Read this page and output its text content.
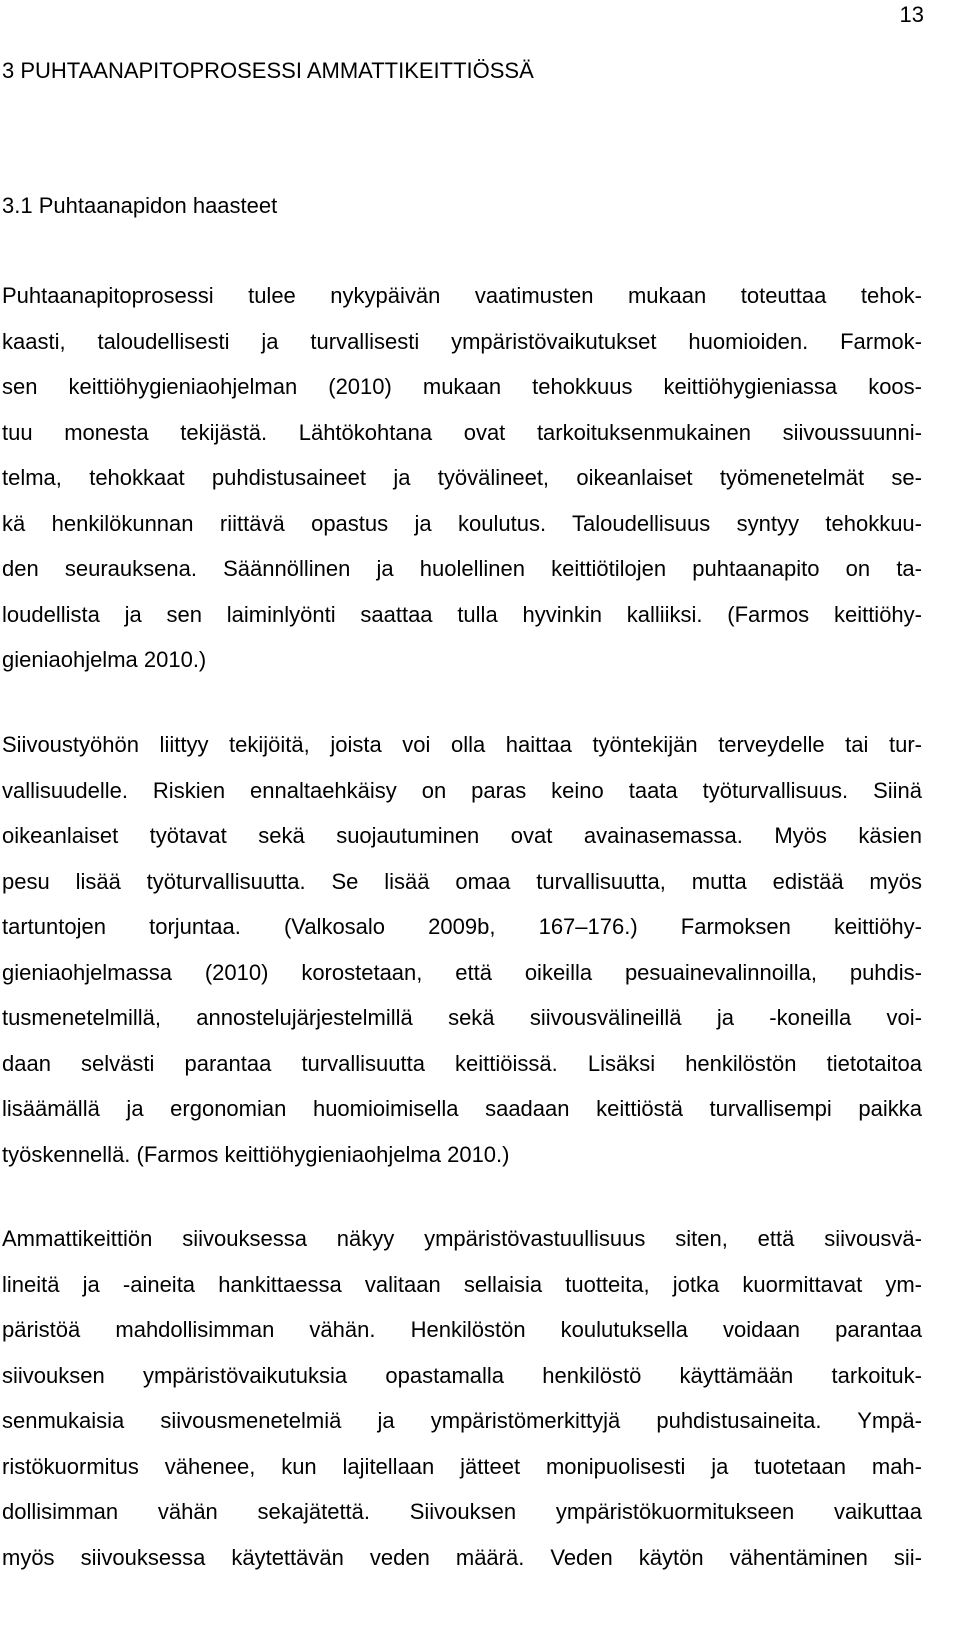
13
3 PUHTAANAPITOPROSESSI AMMATTIKEITTIÖSSÄ
3.1 Puhtaanapidon haasteet
Puhtaanapitoprosessi tulee nykypäivän vaatimusten mukaan toteuttaa tehok-
kaasti, taloudellisesti ja turvallisesti ympäristövaikutukset huomioiden. Farmok-
sen keittiöhygieniaohjelman (2010) mukaan tehokkuus keittiöhygieniassa koos-
tuu monesta tekijästä. Lähtökohtana ovat tarkoituksenmukainen siivoussuunni-
telma, tehokkaat puhdistusaineet ja työvälineet, oikeanlaiset työmenetelmät se-
kä henkilökunnan riittävä opastus ja koulutus. Taloudellisuus syntyy tehokkuu-
den seurauksena. Säännöllinen ja huolellinen keittiötilojen puhtaanapito on ta-
loudellista ja sen laiminlyönti saattaa tulla hyvinkin kalliiksi. (Farmos keittiöhy-
gieniaohjelma 2010.)
Siivoustyöhön liittyy tekijöitä, joista voi olla haittaa työntekijän terveydelle tai tur-
vallisuudelle. Riskien ennaltaehkäisy on paras keino taata työturvallisuus. Siinä
oikeanlaiset työtavat sekä suojautuminen ovat avainasemassa. Myös käsien
pesu lisää työturvallisuutta. Se lisää omaa turvallisuutta, mutta edistää myös
tartuntojen torjuntaa. (Valkosalo 2009b, 167–176.) Farmoksen keittiöhy-
gieniaohjelmassa (2010) korostetaan, että oikeilla pesuainevalinnoilla, puhdis-
tusmenetelmillä, annostelujärjestelmillä sekä siivousvälineillä ja -koneilla voi-
daan selvästi parantaa turvallisuutta keittiöissä. Lisäksi henkilöstön tietotaitoa
lisäämällä ja ergonomian huomioimisella saadaan keittiöstä turvallisempi paikka
työskennellä. (Farmos keittiöhygieniaohjelma 2010.)
Ammattikeittiön siivouksessa näkyy ympäristövastuullisuus siten, että siivousvä-
lineitä ja -aineita hankittaessa valitaan sellaisia tuotteita, jotka kuormittavat ym-
päristöä mahdollisimman vähän. Henkilöstön koulutuksella voidaan parantaa
siivouksen ympäristövaikutuksia opastamalla henkilöstö käyttämään tarkoituk-
senmukaisia siivousmenetelmiä ja ympäristömerkittyjä puhdistusaineita. Ympä-
ristökuormitus vähenee, kun lajitellaan jätteet monipuolisesti ja tuotetaan mah-
dollisimman vähän sekajätettä. Siivouksen ympäristökuormitukseen vaikuttaa
myös siivouksessa käytettävän veden määrä. Veden käytön vähentäminen sii-
